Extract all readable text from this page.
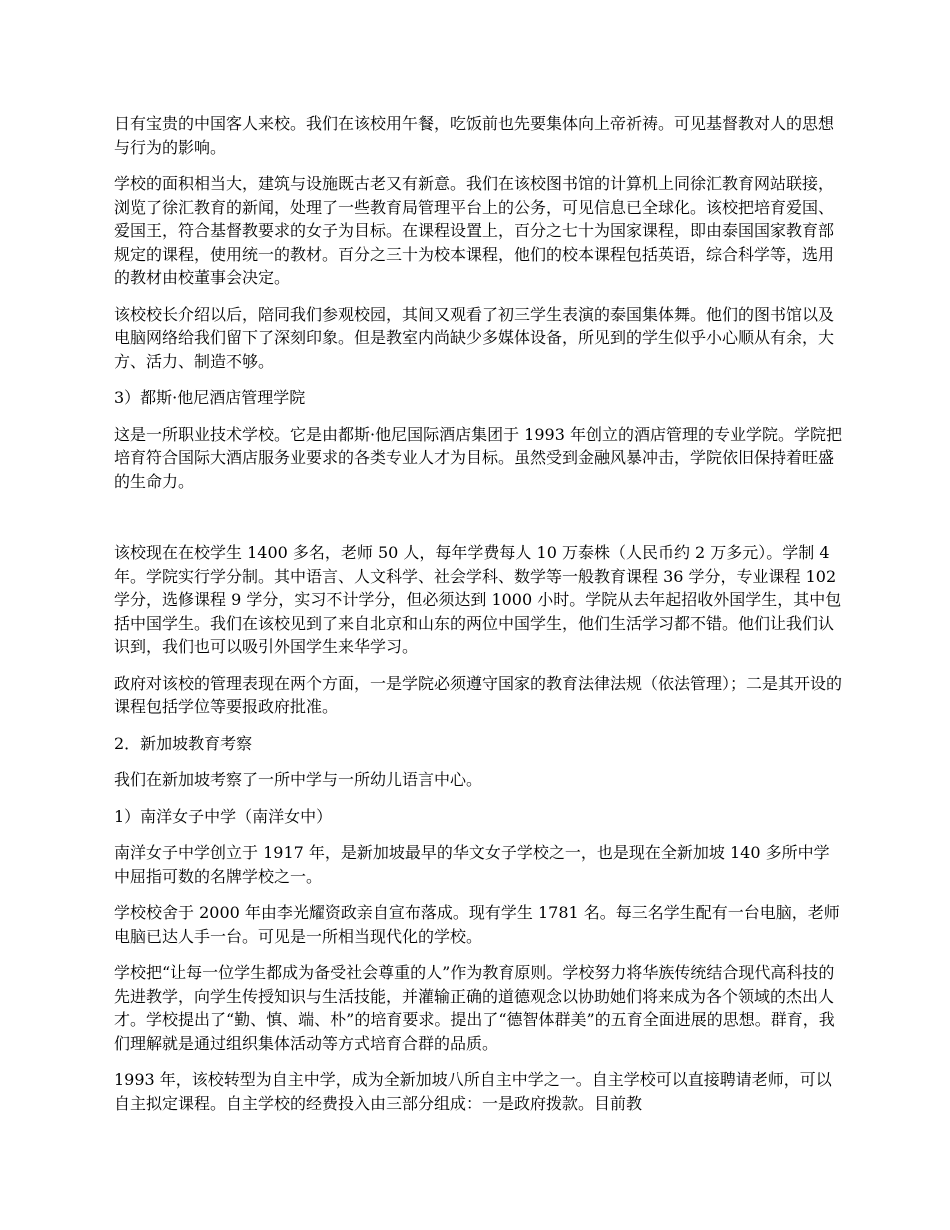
日有宝贵的中国客人来校。我们在该校用午餐，吃饭前也先要集体向上帝祈祷。可见基督教对人的思想与行为的影响。

学校的面积相当大，建筑与设施既古老又有新意。我们在该校图书馆的计算机上同徐汇教育网站联接，浏览了徐汇教育的新闻，处理了一些教育局管理平台上的公务，可见信息已全球化。该校把培育爱国、爱国王，符合基督教要求的女子为目标。在课程设置上，百分之七十为国家课程，即由泰国国家教育部规定的课程，使用统一的教材。百分之三十为校本课程，他们的校本课程包括英语，综合科学等，选用的教材由校董事会决定。

该校校长介绍以后，陪同我们参观校园，其间又观看了初三学生表演的泰国集体舞。他们的图书馆以及电脑网络给我们留下了深刻印象。但是教室内尚缺少多媒体设备，所见到的学生似乎小心顺从有余，大方、活力、制造不够。

3）都斯·他尼酒店管理学院

这是一所职业技术学校。它是由都斯·他尼国际酒店集团于 1993 年创立的酒店管理的专业学院。学院把培育符合国际大酒店服务业要求的各类专业人才为目标。虽然受到金融风暴冲击，学院依旧保持着旺盛的生命力。

该校现在在校学生 1400 多名，老师 50 人，每年学费每人 10 万泰株（人民币约 2 万多元）。学制 4 年。学院实行学分制。其中语言、人文科学、社会学科、数学等一般教育课程 36 学分，专业课程 102 学分，选修课程 9 学分，实习不计学分，但必须达到 1000 小时。学院从去年起招收外国学生，其中包括中国学生。我们在该校见到了来自北京和山东的两位中国学生，他们生活学习都不错。他们让我们认识到，我们也可以吸引外国学生来华学习。

政府对该校的管理表现在两个方面，一是学院必须遵守国家的教育法律法规（依法管理）；二是其开设的课程包括学位等要报政府批准。

2．新加坡教育考察

我们在新加坡考察了一所中学与一所幼儿语言中心。

1）南洋女子中学（南洋女中）

南洋女子中学创立于 1917 年，是新加坡最早的华文女子学校之一，也是现在全新加坡 140 多所中学中屈指可数的名牌学校之一。

学校校舍于 2000 年由李光耀资政亲自宣布落成。现有学生 1781 名。每三名学生配有一台电脑，老师电脑已达人手一台。可见是一所相当现代化的学校。

学校把“让每一位学生都成为备受社会尊重的人”作为教育原则。学校努力将华族传统结合现代高科技的先进教学，向学生传授知识与生活技能，并灌输正确的道德观念以协助她们将来成为各个领域的杰出人才。学校提出了“勤、慎、端、朴”的培育要求。提出了“德智体群美”的五育全面进展的思想。群育，我们理解就是通过组织集体活动等方式培育合群的品质。

1993 年，该校转型为自主中学，成为全新加坡八所自主中学之一。自主学校可以直接聘请老师，可以自主拟定课程。自主学校的经费投入由三部分组成：一是政府拨款。目前教
